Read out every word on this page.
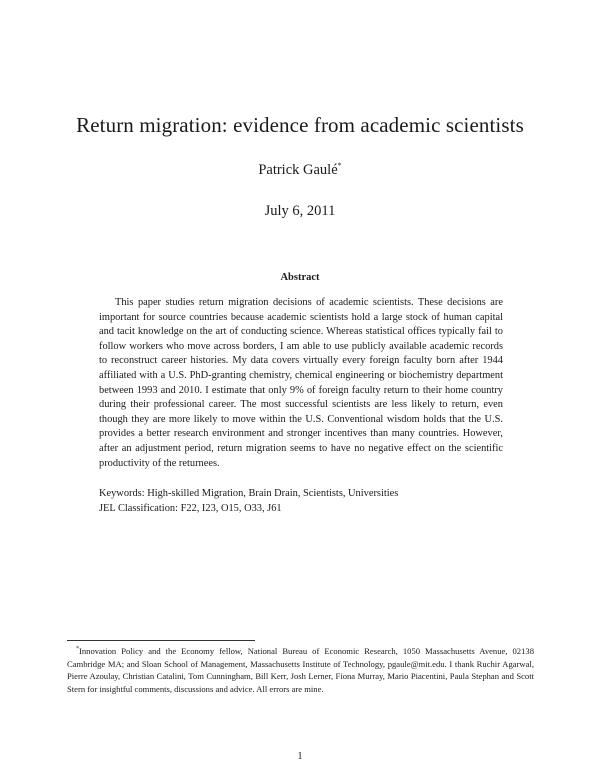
Return migration: evidence from academic scientists
Patrick Gaulé*
July 6, 2011
Abstract

This paper studies return migration decisions of academic scientists. These decisions are important for source countries because academic scientists hold a large stock of human capital and tacit knowledge on the art of conducting science. Whereas statistical offices typically fail to follow workers who move across borders, I am able to use publicly available academic records to reconstruct career histories. My data covers virtually every foreign faculty born after 1944 affiliated with a U.S. PhD-granting chemistry, chemical engineering or biochemistry department between 1993 and 2010. I estimate that only 9% of foreign faculty return to their home country during their professional career. The most successful scientists are less likely to return, even though they are more likely to move within the U.S. Conventional wisdom holds that the U.S. provides a better research environment and stronger incentives than many countries. However, after an adjustment period, return migration seems to have no negative effect on the scientific productivity of the returnees.

Keywords: High-skilled Migration, Brain Drain, Scientists, Universities
JEL Classification: F22, I23, O15, O33, J61

*Innovation Policy and the Economy fellow, National Bureau of Economic Research, 1050 Massachusetts Avenue, 02138 Cambridge MA; and Sloan School of Management, Massachusetts Institute of Technology, pgaule@mit.edu. I thank Ruchir Agarwal, Pierre Azoulay, Christian Catalini, Tom Cunningham, Bill Kerr, Josh Lerner, Fiona Murray, Mario Piacentini, Paula Stephan and Scott Stern for insightful comments, discussions and advice. All errors are mine.

1
